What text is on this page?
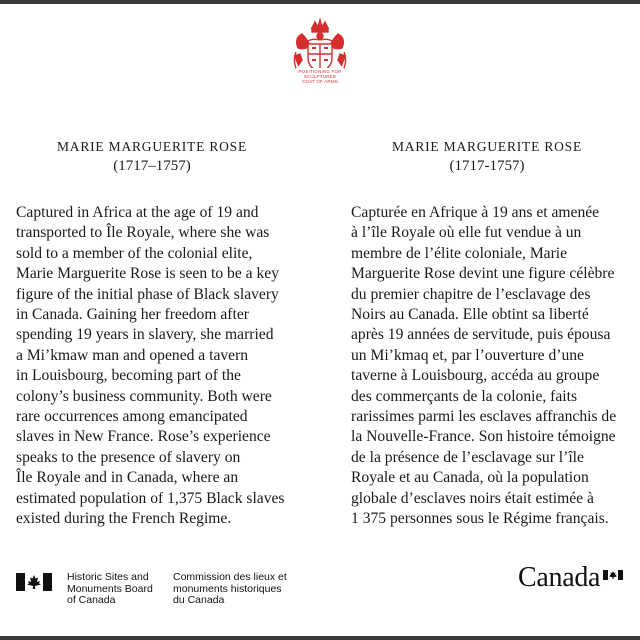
POSITIONING FOR
SCULPTURED
COAT OF ARMS

MARIE MARGUERITE ROSE

(1717–1757)

Captured in Africa at the age of 19 and
transported to Île Royale, where she was
sold to a member of the colonial elite,
Marie Marguerite Rose is seen to be a key
figure of the initial phase of Black slavery
in Canada. Gaining her freedom after
spending 19 years in slavery, she married
a Mi’kmaw man and opened a tavern
in Louisbourg, becoming part of the
colony’s business community. Both were
rare occurrences among emancipated
slaves in New France. Rose’s experience
speaks to the presence of slavery on
Île Royale and in Canada, where an
estimated population of 1,375 Black slaves
existed during the French Regime.

MARIE MARGUERITE ROSE

(1717-1757)

Capturée en Afrique à 19 ans et amenée
à l’île Royale où elle fut vendue à un
membre de l’élite coloniale, Marie
Marguerite Rose devint une figure célèbre
du premier chapitre de l’esclavage des
Noirs au Canada. Elle obtint sa liberté
après 19 années de servitude, puis épousa
un Mi’kmaq et, par l’ouverture d’une
taverne à Louisbourg, accéda au groupe
des commerçants de la colonie, faits
rarissimes parmi les esclaves affranchis de
la Nouvelle-France. Son histoire témoigne
de la présence de l’esclavage sur l’île
Royale et au Canada, où la population
globale d’esclaves noirs était estimée à
1 375 personnes sous le Régime français.
Historic Sites and
Monuments Board
of Canada
Commission des lieux et
monuments historiques
du Canada
Canada
